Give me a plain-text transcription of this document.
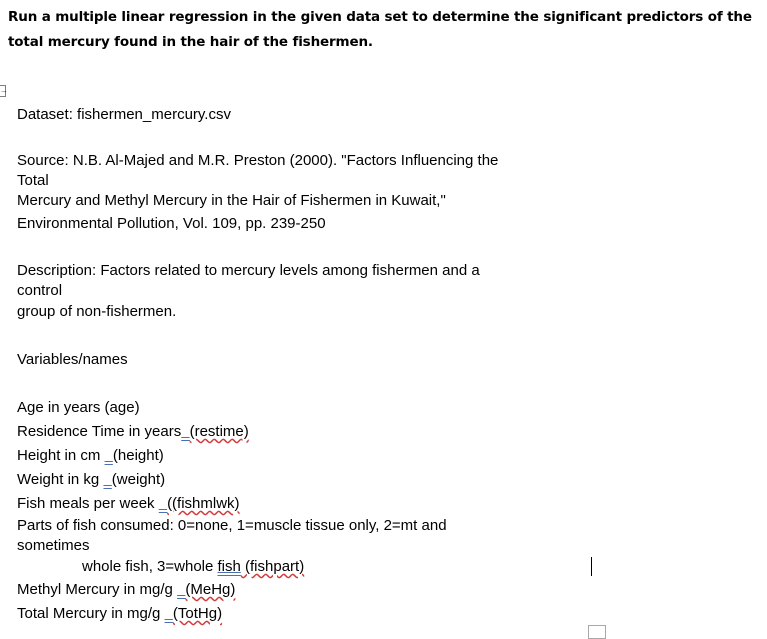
Run a multiple linear regression in the given data set to determine the significant predictors of the
total mercury found in the hair of the fishermen.
→
Dataset: fishermen_mercury.csv
Source: N.B. Al-Majed and M.R. Preston (2000). "Factors Influencing the
Total
Mercury and Methyl Mercury in the Hair of Fishermen in Kuwait,"
Environmental Pollution, Vol. 109, pp. 239-250
Description: Factors related to mercury levels among fishermen and a
control
group of non-fishermen.
Variables/names
Age in years (age)
Residence Time in years (restime)
Height in cm   (height)
Weight in kg   (weight)
Fish meals per week   ((fishmlwk)
Parts of fish consumed: 0=none, 1=muscle tissue only, 2=mt and
sometimes
whole fish, 3=whole fish (fishpart)
Methyl Mercury in mg/g   (MeHg)
Total Mercury in mg/g   (TotHg)
